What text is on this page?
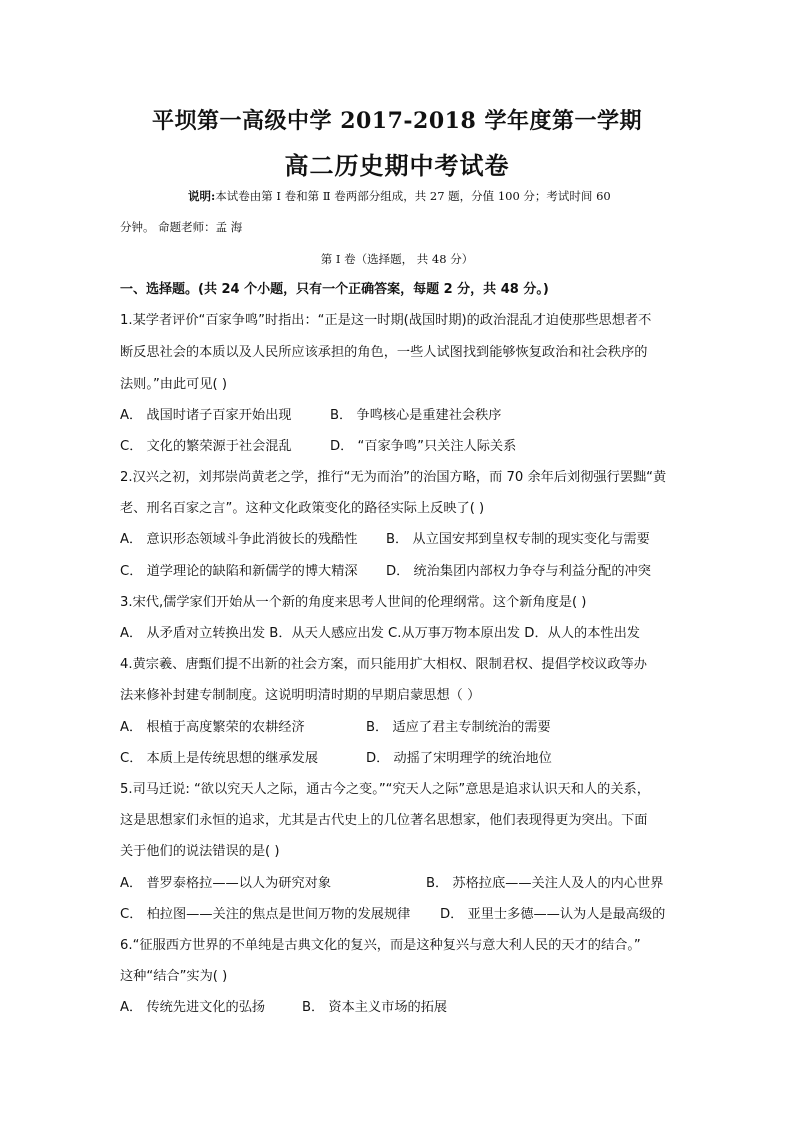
平坝第一高级中学 2017-2018 学年度第一学期
高二历史期中考试卷
说明:本试卷由第 Ⅰ 卷和第 Ⅱ 卷两部分组成，共 27 题，分值 100 分；考试时间 60
分钟。 命题老师：孟 海
第 Ⅰ 卷（选择题， 共 48 分）
一、选择题。(共 24 个小题，只有一个正确答案，每题 2 分，共 48 分。)
1.某学者评价“百家争鸣”时指出：“正是这一时期(战国时期)的政治混乱才迫使那些思想者不
断反思社会的本质以及人民所应该承担的角色，一些人试图找到能够恢复政治和社会秩序的
法则。”由此可见( )
A． 战国时诸子百家开始出现	B． 争鸣核心是重建社会秩序
C． 文化的繁荣源于社会混乱	D． “百家争鸣”只关注人际关系
2.汉兴之初，刘邦崇尚黄老之学，推行“无为而治”的治国方略，而 70 余年后刘彻强行罢黜“黄
老、刑名百家之言”。这种文化政策变化的路径实际上反映了( )
A． 意识形态领域斗争此消彼长的残酷性 B． 从立国安邦到皇权专制的现实变化与需要
C． 道学理论的缺陷和新儒学的博大精深 D． 统治集团内部权力争夺与利益分配的冲突
3.宋代,儒学家们开始从一个新的角度来思考人世间的伦理纲常。这个新角度是( )
A． 从矛盾对立转换出发 B．从天人感应出发 C.从万事万物本原出发 D．从人的本性出发
4.黄宗羲、唐甄们提不出新的社会方案，而只能用扩大相权、限制君权、提倡学校议政等办
法来修补封建专制制度。这说明明清时期的早期启蒙思想（ ）
A． 根植于高度繁荣的农耕经济	B． 适应了君主专制统治的需要
C． 本质上是传统思想的继承发展	D． 动摇了宋明理学的统治地位
5.司马迁说: “欲以究天人之际，通古今之变。”“究天人之际”意思是追求认识天和人的关系，
这是思想家们永恒的追求，尤其是古代史上的几位著名思想家，他们表现得更为突出。下面
关于他们的说法错误的是( )
A． 普罗泰格拉——以人为研究对象	B． 苏格拉底——关注人及人的内心世界
C． 柏拉图——关注的焦点是世间万物的发展规律 D． 亚里士多德——认为人是最高级的
6.“征服西方世界的不单纯是古典文化的复兴，而是这种复兴与意大利人民的天才的结合。”
这种“结合”实为( )
A． 传统先进文化的弘扬	B． 资本主义市场的拓展
